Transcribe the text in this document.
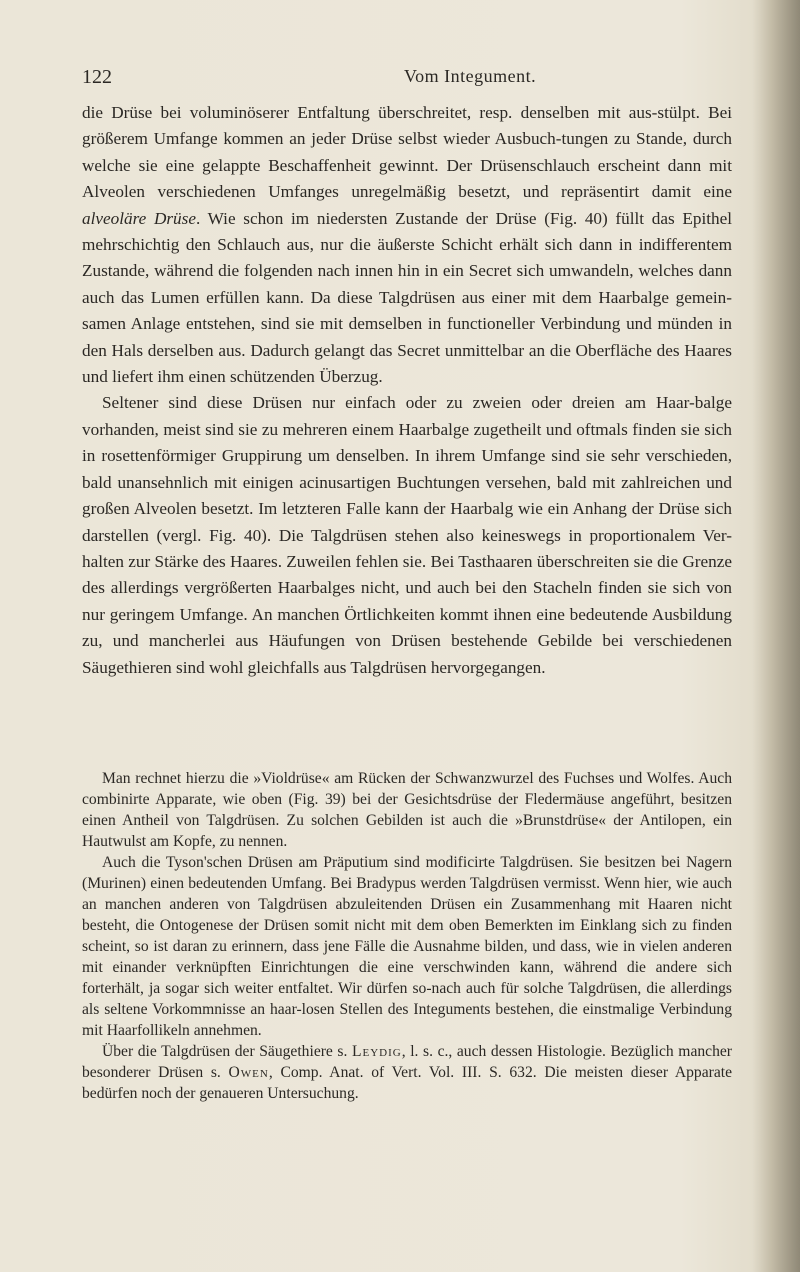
122	Vom Integument.

die Drüse bei voluminöserer Entfaltung überschreitet, resp. denselben mit aus-stülpt. Bei größerem Umfange kommen an jeder Drüse selbst wieder Ausbuch-tungen zu Stande, durch welche sie eine gelappte Beschaffenheit gewinnt. Der Drüsenschlauch erscheint dann mit Alveolen verschiedenen Umfanges unregelmäßig besetzt, und repräsentirt damit eine alveoläre Drüse. Wie schon im niedersten Zustande der Drüse (Fig. 40) füllt das Epithel mehrschichtig den Schlauch aus, nur die äußerste Schicht erhält sich dann in indifferentem Zustande, während die folgenden nach innen hin in ein Secret sich umwandeln, welches dann auch das Lumen erfüllen kann. Da diese Talgdrüsen aus einer mit dem Haarbalge gemein-samen Anlage entstehen, sind sie mit demselben in functioneller Verbindung und münden in den Hals derselben aus. Dadurch gelangt das Secret unmittelbar an die Oberfläche des Haares und liefert ihm einen schützenden Überzug.

Seltener sind diese Drüsen nur einfach oder zu zweien oder dreien am Haar-balge vorhanden, meist sind sie zu mehreren einem Haarbalge zugetheilt und oftmals finden sie sich in rosettenförmiger Gruppirung um denselben. In ihrem Umfange sind sie sehr verschieden, bald unansehnlich mit einigen acinusartigen Buchtungen versehen, bald mit zahlreichen und großen Alveolen besetzt. Im letzteren Falle kann der Haarbalg wie ein Anhang der Drüse sich darstellen (vergl. Fig. 40). Die Talgdrüsen stehen also keineswegs in proportionalem Ver-halten zur Stärke des Haares. Zuweilen fehlen sie. Bei Tasthaaren überschreiten sie die Grenze des allerdings vergrößerten Haarbalges nicht, und auch bei den Stacheln finden sie sich von nur geringem Umfange. An manchen Örtlichkeiten kommt ihnen eine bedeutende Ausbildung zu, und mancherlei aus Häufungen von Drüsen bestehende Gebilde bei verschiedenen Säugethieren sind wohl gleichfalls aus Talgdrüsen hervorgegangen.

Man rechnet hierzu die »Violdrüse« am Rücken der Schwanzwurzel des Fuchses und Wolfes. Auch combinirte Apparate, wie oben (Fig. 39) bei der Gesichtsdrüse der Fledermäuse angeführt, besitzen einen Antheil von Talgdrüsen. Zu solchen Gebilden ist auch die »Brunstdrüse« der Antilopen, ein Hautwulst am Kopfe, zu nennen.

Auch die Tyson'schen Drüsen am Präputium sind modificirte Talgdrüsen. Sie besitzen bei Nagern (Murinen) einen bedeutenden Umfang. Bei Bradypus werden Talgdrüsen vermisst. Wenn hier, wie auch an manchen anderen von Talgdrüsen abzuleitenden Drüsen ein Zusammenhang mit Haaren nicht besteht, die Ontogenese der Drüsen somit nicht mit dem oben Bemerkten im Einklang sich zu finden scheint, so ist daran zu erinnern, dass jene Fälle die Ausnahme bilden, und dass, wie in vielen anderen mit einander verknüpften Einrichtungen die eine verschwinden kann, während die andere sich forterhält, ja sogar sich weiter entfaltet. Wir dürfen so-nach auch für solche Talgdrüsen, die allerdings als seltene Vorkommnisse an haar-losen Stellen des Integuments bestehen, die einstmalige Verbindung mit Haarfollikeln annehmen.

Über die Talgdrüsen der Säugethiere s. Leydig, l. s. c., auch dessen Histologie. Bezüglich mancher besonderer Drüsen s. Owen, Comp. Anat. of Vert. Vol. III. S. 632. Die meisten dieser Apparate bedürfen noch der genaueren Untersuchung.
